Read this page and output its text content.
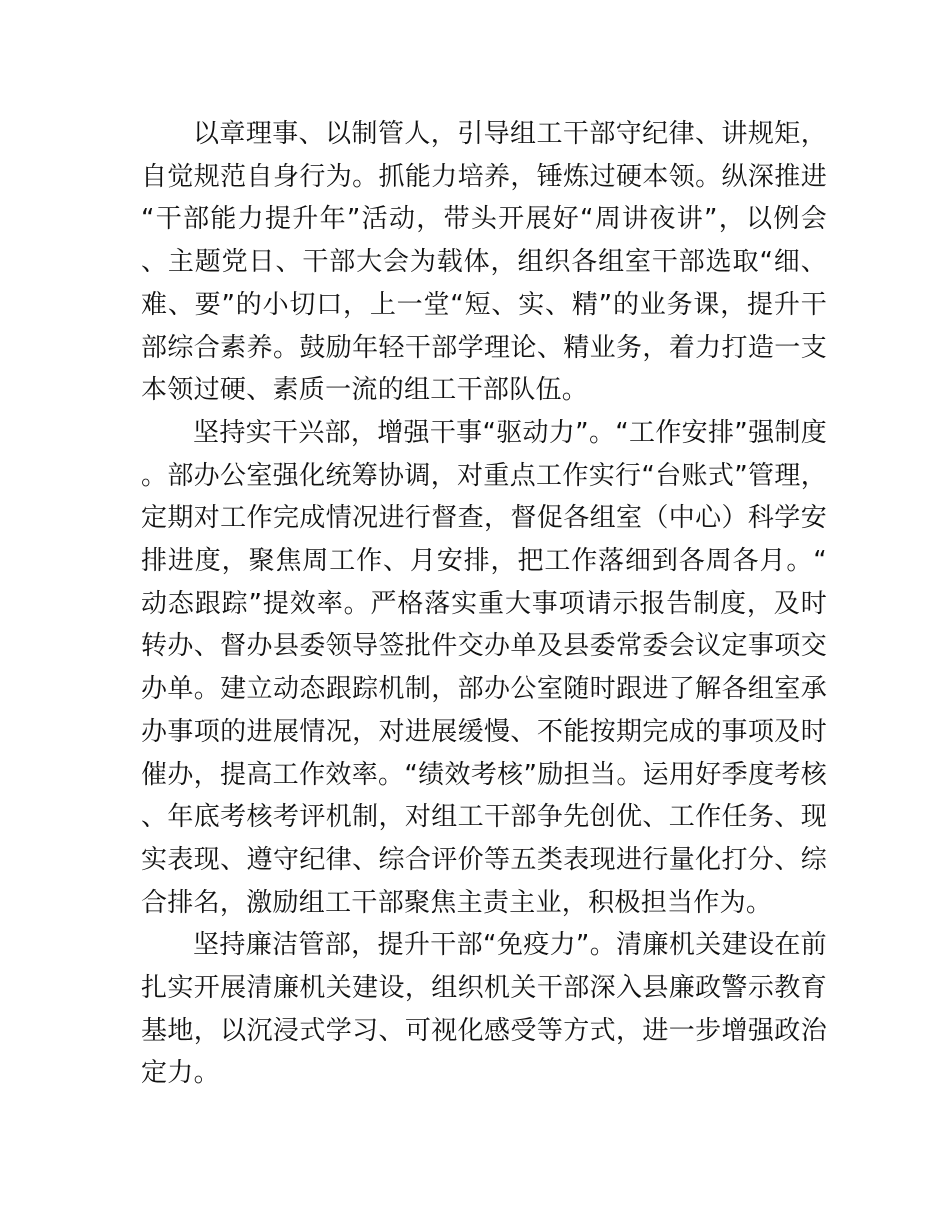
以章理事、以制管人，引导组工干部守纪律、讲规矩，自觉规范自身行为。抓能力培养，锤炼过硬本领。纵深推进“干部能力提升年”活动，带头开展好“周讲夜讲”，以例会、主题党日、干部大会为载体，组织各组室干部选取“细、难、要”的小切口，上一堂“短、实、精”的业务课，提升干部综合素养。鼓励年轻干部学理论、精业务，着力打造一支本领过硬、素质一流的组工干部队伍。

坚持实干兴部，增强干事“驱动力”。“工作安排”强制度。部办公室强化统筹协调，对重点工作实行“台账式”管理，定期对工作完成情况进行督查，督促各组室（中心）科学安排进度，聚焦周工作、月安排，把工作落细到各周各月。“动态跟踪”提效率。严格落实重大事项请示报告制度，及时转办、督办县委领导签批件交办单及县委常委会议定事项交办单。建立动态跟踪机制，部办公室随时跟进了解各组室承办事项的进展情况，对进展缓慢、不能按期完成的事项及时催办，提高工作效率。“绩效考核”励担当。运用好季度考核、年底考核考评机制，对组工干部争先创优、工作任务、现实表现、遵守纪律、综合评价等五类表现进行量化打分、综合排名，激励组工干部聚焦主责主业，积极担当作为。

坚持廉洁管部，提升干部“免疫力”。清廉机关建设在前扎实开展清廉机关建设，组织机关干部深入县廉政警示教育基地，以沉浸式学习、可视化感受等方式，进一步增强政治定力。
